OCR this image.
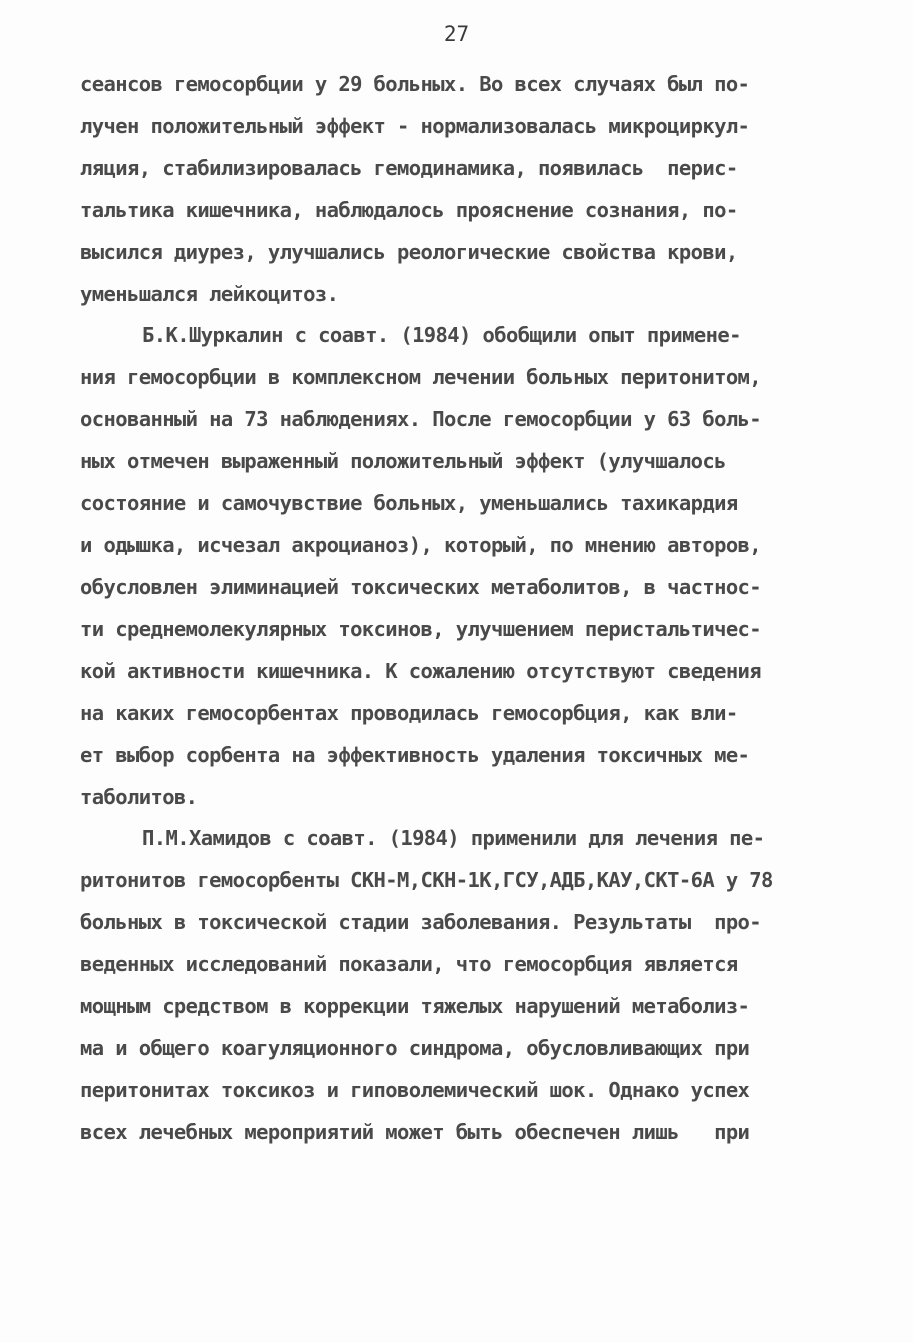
27
сеансов гемосорбции у 29 больных. Во всех случаях был по-
лучен положительный эффект - нормализовалась микроциркул-
ляция, стабилизировалась гемодинамика, появилась  перис-
тальтика кишечника, наблюдалось прояснение сознания, по-
высился диурез, улучшались реологические свойства крови,
уменьшался лейкоцитоз.
Б.К.Шуркалин с соавт. (1984) обобщили опыт примене-
ния гемосорбции в комплексном лечении больных перитонитом,
основанный на 73 наблюдениях. После гемосорбции у 63 боль-
ных отмечен выраженный положительный эффект (улучшалось
состояние и самочувствие больных, уменьшались тахикардия
и одышка, исчезал акроцианоз), который, по мнению авторов,
обусловлен элиминацией токсических метаболитов, в частнос-
ти среднемолекулярных токсинов, улучшением перистальтичес-
кой активности кишечника. К сожалению отсутствуют сведения
на каких гемосорбентах проводилась гемосорбция, как вли-
ет выбор сорбента на эффективность удаления токсичных ме-
таболитов.
П.М.Хамидов с соавт. (1984) применили для лечения пе-
ритонитов гемосорбенты СКН-М,СКН-1К,ГСУ,АДБ,КАУ,СКТ-6А у 78
больных в токсической стадии заболевания. Результаты  про-
веденных исследований показали, что гемосорбция является
мощным средством в коррекции тяжелых нарушений метаболиз-
ма и общего коагуляционного синдрома, обусловливающих при
перитонитах токсикоз и гиповолемический шок. Однако успех
всех лечебных мероприятий может быть обеспечен лишь   при
